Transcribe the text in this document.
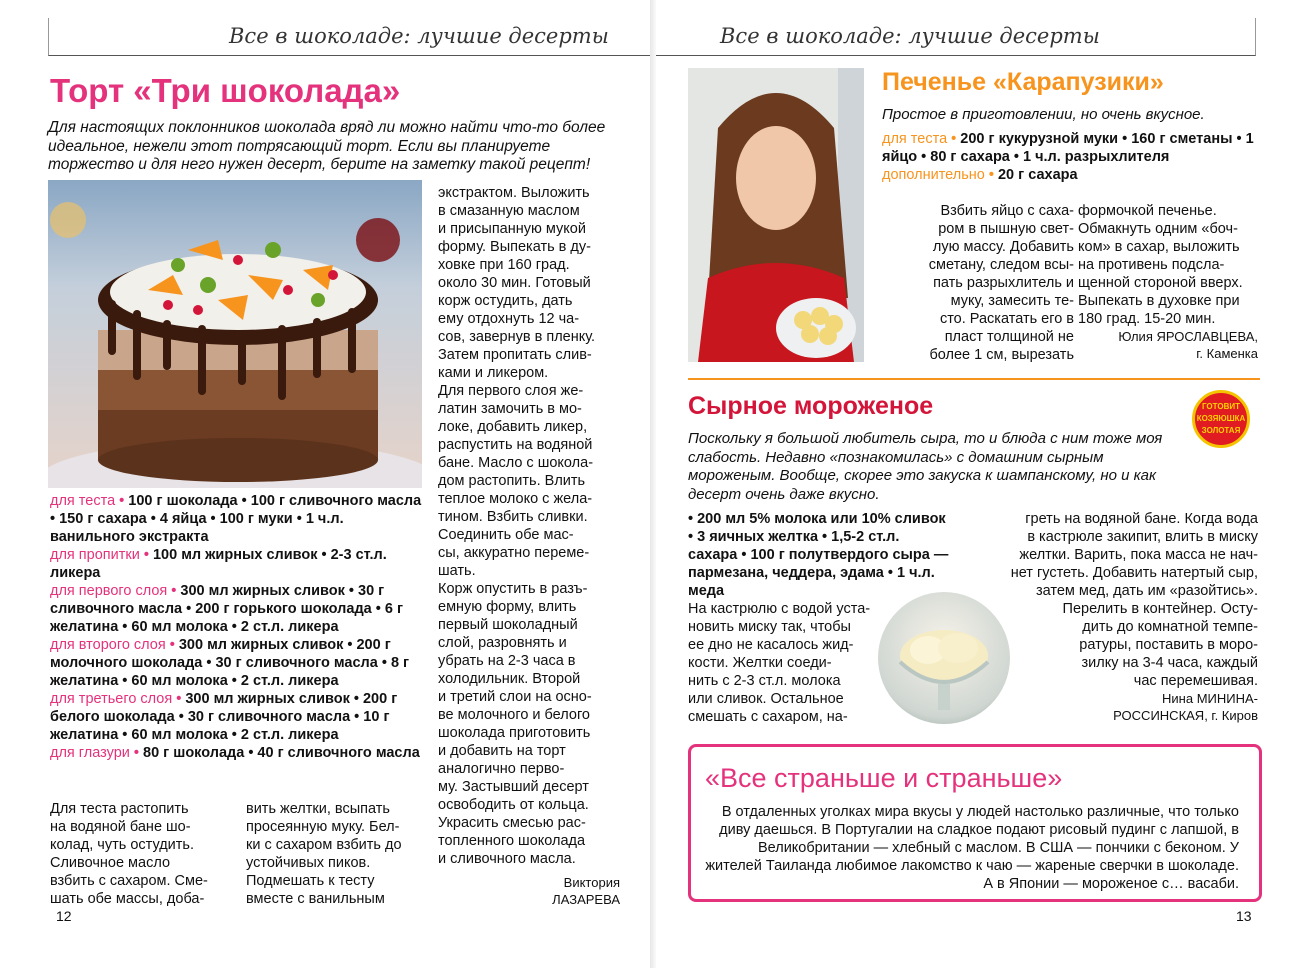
Все в шоколаде: лучшие десерты
Торт «Три шоколада»
Для настоящих поклонников шоколада вряд ли можно найти что-то более идеальное, нежели этот потрясающий торт. Если вы планируете торжество и для него нужен десерт, берите на заметку такой рецепт!
для теста • 100 г шоколада • 100 г сливочного масла • 150 г сахара • 4 яйца • 100 г муки • 1 ч.л. ванильного экстракта
для пропитки • 100 мл жирных сливок • 2-3 ст.л. ликера
для первого слоя • 300 мл жирных сливок • 30 г сливочного масла • 200 г горького шоколада • 6 г желатина • 60 мл молока • 2 ст.л. ликера
для второго слоя • 300 мл жирных сливок • 200 г молочного шоколада • 30 г сливочного масла • 8 г желатина • 60 мл молока • 2 ст.л. ликера
для третьего слоя • 300 мл жирных сливок • 200 г белого шоколада • 30 г сливочного масла • 10 г желатина • 60 мл молока • 2 ст.л. ликера
для глазури • 80 г шоколада • 40 г сливочного масла
Для теста растопить
на водяной бане шо-
колад, чуть остудить.
Сливочное масло
взбить с сахаром. Сме-
шать обе массы, доба-
вить желтки, всыпать
просеянную муку. Бел-
ки с сахаром взбить до
устойчивых пиков.
Подмешать к тесту
вместе с ванильным
экстрактом. Выложить
в смазанную маслом
и присыпанную мукой
форму. Выпекать в ду-
ховке при 160 град.
около 30 мин. Готовый
корж остудить, дать
ему отдохнуть 12 ча-
сов, завернув в пленку.
Затем пропитать слив-
ками и ликером.
Для первого слоя же-
латин замочить в мо-
локе, добавить ликер,
распустить на водяной
бане. Масло с шокола-
дом растопить. Влить
теплое молоко с жела-
тином. Взбить сливки.
Соединить обе мас-
сы, аккуратно переме-
шать.
Корж опустить в разъ-
емную форму, влить
первый шоколадный
слой, разровнять и
убрать на 2-3 часа в
холодильник. Второй
и третий слои на осно-
ве молочного и белого
шоколада приготовить
и добавить на торт
аналогично перво-
му. Застывший десерт
освободить от кольца.
Украсить смесью рас-
топленного шоколада
и сливочного масла.
Виктория
ЛАЗАРЕВА
12
Все в шоколаде: лучшие десерты
Печенье «Карапузики»
Простое в приготовлении, но очень вкусное.
для теста • 200 г кукурузной муки • 160 г сметаны • 1 яйцо • 80 г сахара • 1 ч.л. разрыхлителя
дополнительно • 20 г сахара
Взбить яйцо с саха-
ром в пышную свет-
лую массу. Добавить
сметану, следом всы-
пать разрыхлитель и
муку, замесить те-
сто. Раскатать его в
пласт толщиной не
более 1 см, вырезать
формочкой печенье.
Обмакнуть одним «боч-
ком» в сахар, выложить
на противень подсла-
щенной стороной вверх.
Выпекать в духовке при
180 град. 15-20 мин.
Юлия ЯРОСЛАВЦЕВА,
г. Каменка
Сырное мороженое	ГОТОВИТ КОЗЯЮШКА ЗОЛОТАЯ
Поскольку я большой любитель сыра, то и блюда с ним тоже моя слабость. Недавно «познакомилась» с домашним сырным мороженым. Вообще, скорее это закуска к шампанскому, но и как десерт очень даже вкусно.
• 200 мл 5% молока или 10% сливок • 3 яичных желтка • 1,5-2 ст.л. сахара • 100 г полутвердого сыра — пармезана, чеддера, эдама • 1 ч.л. меда
На кастрюлю с водой уста-
новить миску так, чтобы
ее дно не касалось жид-
кости. Желтки соеди-
нить с 2-3 ст.л. молока
или сливок. Остальное
смешать с сахаром, на-
греть на водяной бане. Когда вода
в кастрюле закипит, влить в миску
желтки. Варить, пока масса не нач-
нет густеть. Добавить натертый сыр,
затем мед, дать им «разойтись».
Перелить в контейнер. Осту-
дить до комнатной темпе-
ратуры, поставить в моро-
зилку на 3-4 часа, каждый
час перемешивая.
Нина МИНИНА-
РОССИНСКАЯ, г. Киров
«Все страньше и страньше»
В отдаленных уголках мира вкусы у людей настолько различные, что только диву даешься. В Португалии на сладкое подают рисовый пудинг с лапшой, в Великобритании — хлебный с маслом. В США — пончики с беконом. У жителей Таиланда любимое лакомство к чаю — жареные сверчки в шоколаде. А в Японии — мороженое с… васаби.
13
